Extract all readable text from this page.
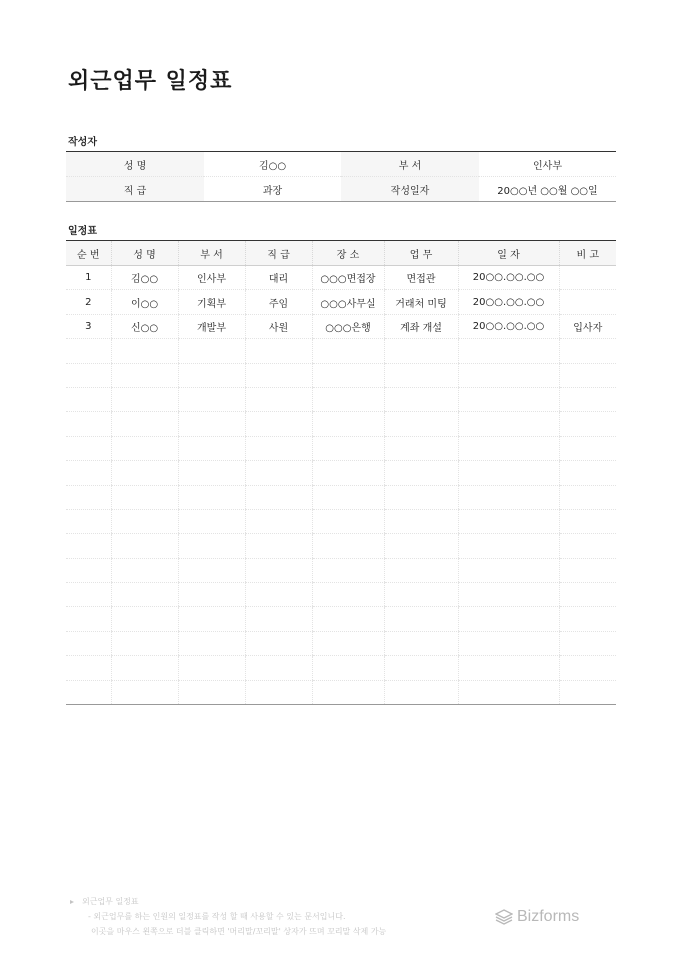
외근업무 일정표
작성자
성 명	김○○	부 서	인사부
직 급	과장	작성일자	20○○년 ○○월 ○○일
일정표
순 번	성 명	부 서	직 급	장 소	업 무	일 자	비 고
1	김○○	인사부	대리	○○○면접장	면접관	20○○.○○.○○	
2	이○○	기획부	주임	○○○사무실	거래처 미팅	20○○.○○.○○	
3	신○○	개발부	사원	○○○은행	계좌 개설	20○○.○○.○○	입사자

외근업무 일정표
- 외근업무를 하는 인원의 일정표를 작성 할 때 사용할 수 있는 문서입니다.
이곳을 마우스 왼쪽으로 더블 클릭하면 '머리말/꼬리말' 상자가 뜨며 꼬리말 삭제 가능
Bizforms
